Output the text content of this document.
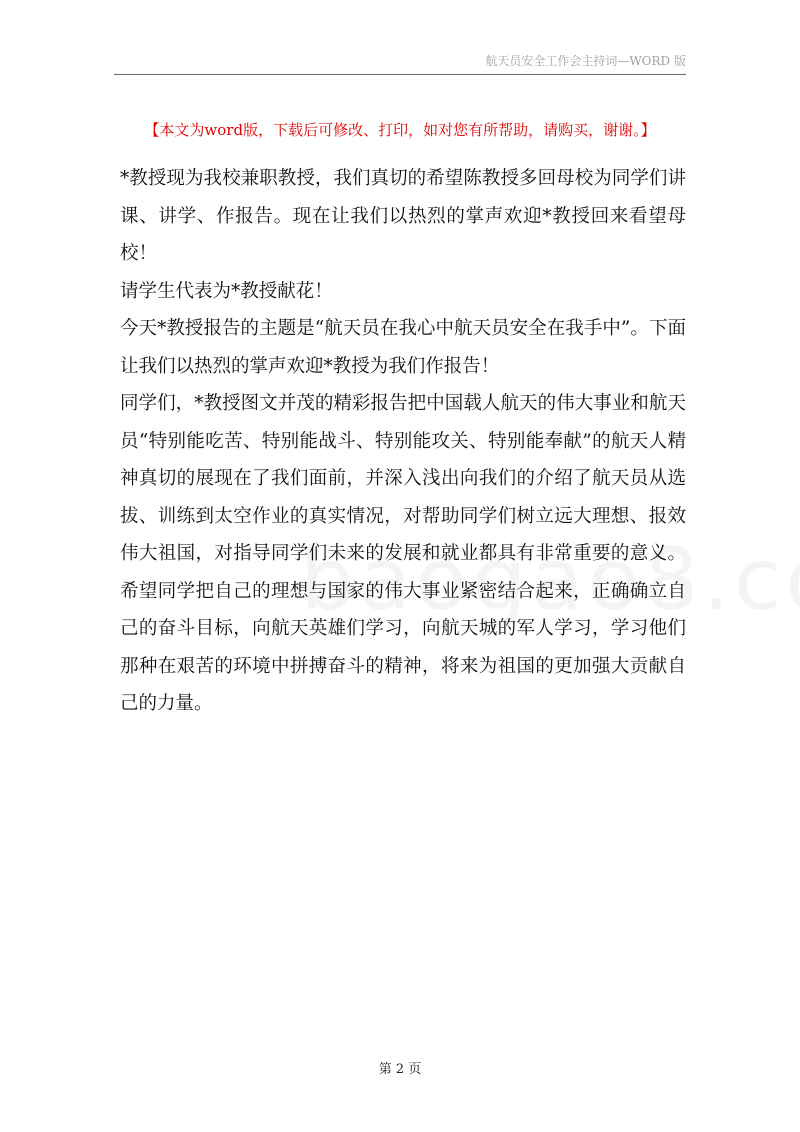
航天员安全工作会主持词—WORD 版
【本文为word版，下载后可修改、打印，如对您有所帮助，请购买，谢谢。】

*教授现为我校兼职教授，我们真切的希望陈教授多回母校为同学们讲课、讲学、作报告。现在让我们以热烈的掌声欢迎*教授回来看望母校！

请学生代表为*教授献花！

今天*教授报告的主题是“航天员在我心中航天员安全在我手中”。下面让我们以热烈的掌声欢迎*教授为我们作报告！

同学们，*教授图文并茂的精彩报告把中国载人航天的伟大事业和航天员“特别能吃苦、特别能战斗、特别能攻关、特别能奉献”的航天人精神真切的展现在了我们面前，并深入浅出向我们的介绍了航天员从选拔、训练到太空作业的真实情况，对帮助同学们树立远大理想、报效伟大祖国，对指导同学们未来的发展和就业都具有非常重要的意义。希望同学把自己的理想与国家的伟大事业紧密结合起来，正确确立自己的奋斗目标，向航天英雄们学习，向航天城的军人学习，学习他们那种在艰苦的环境中拼搏奋斗的精神，将来为祖国的更加强大贡献自己的力量。

第 2 页
